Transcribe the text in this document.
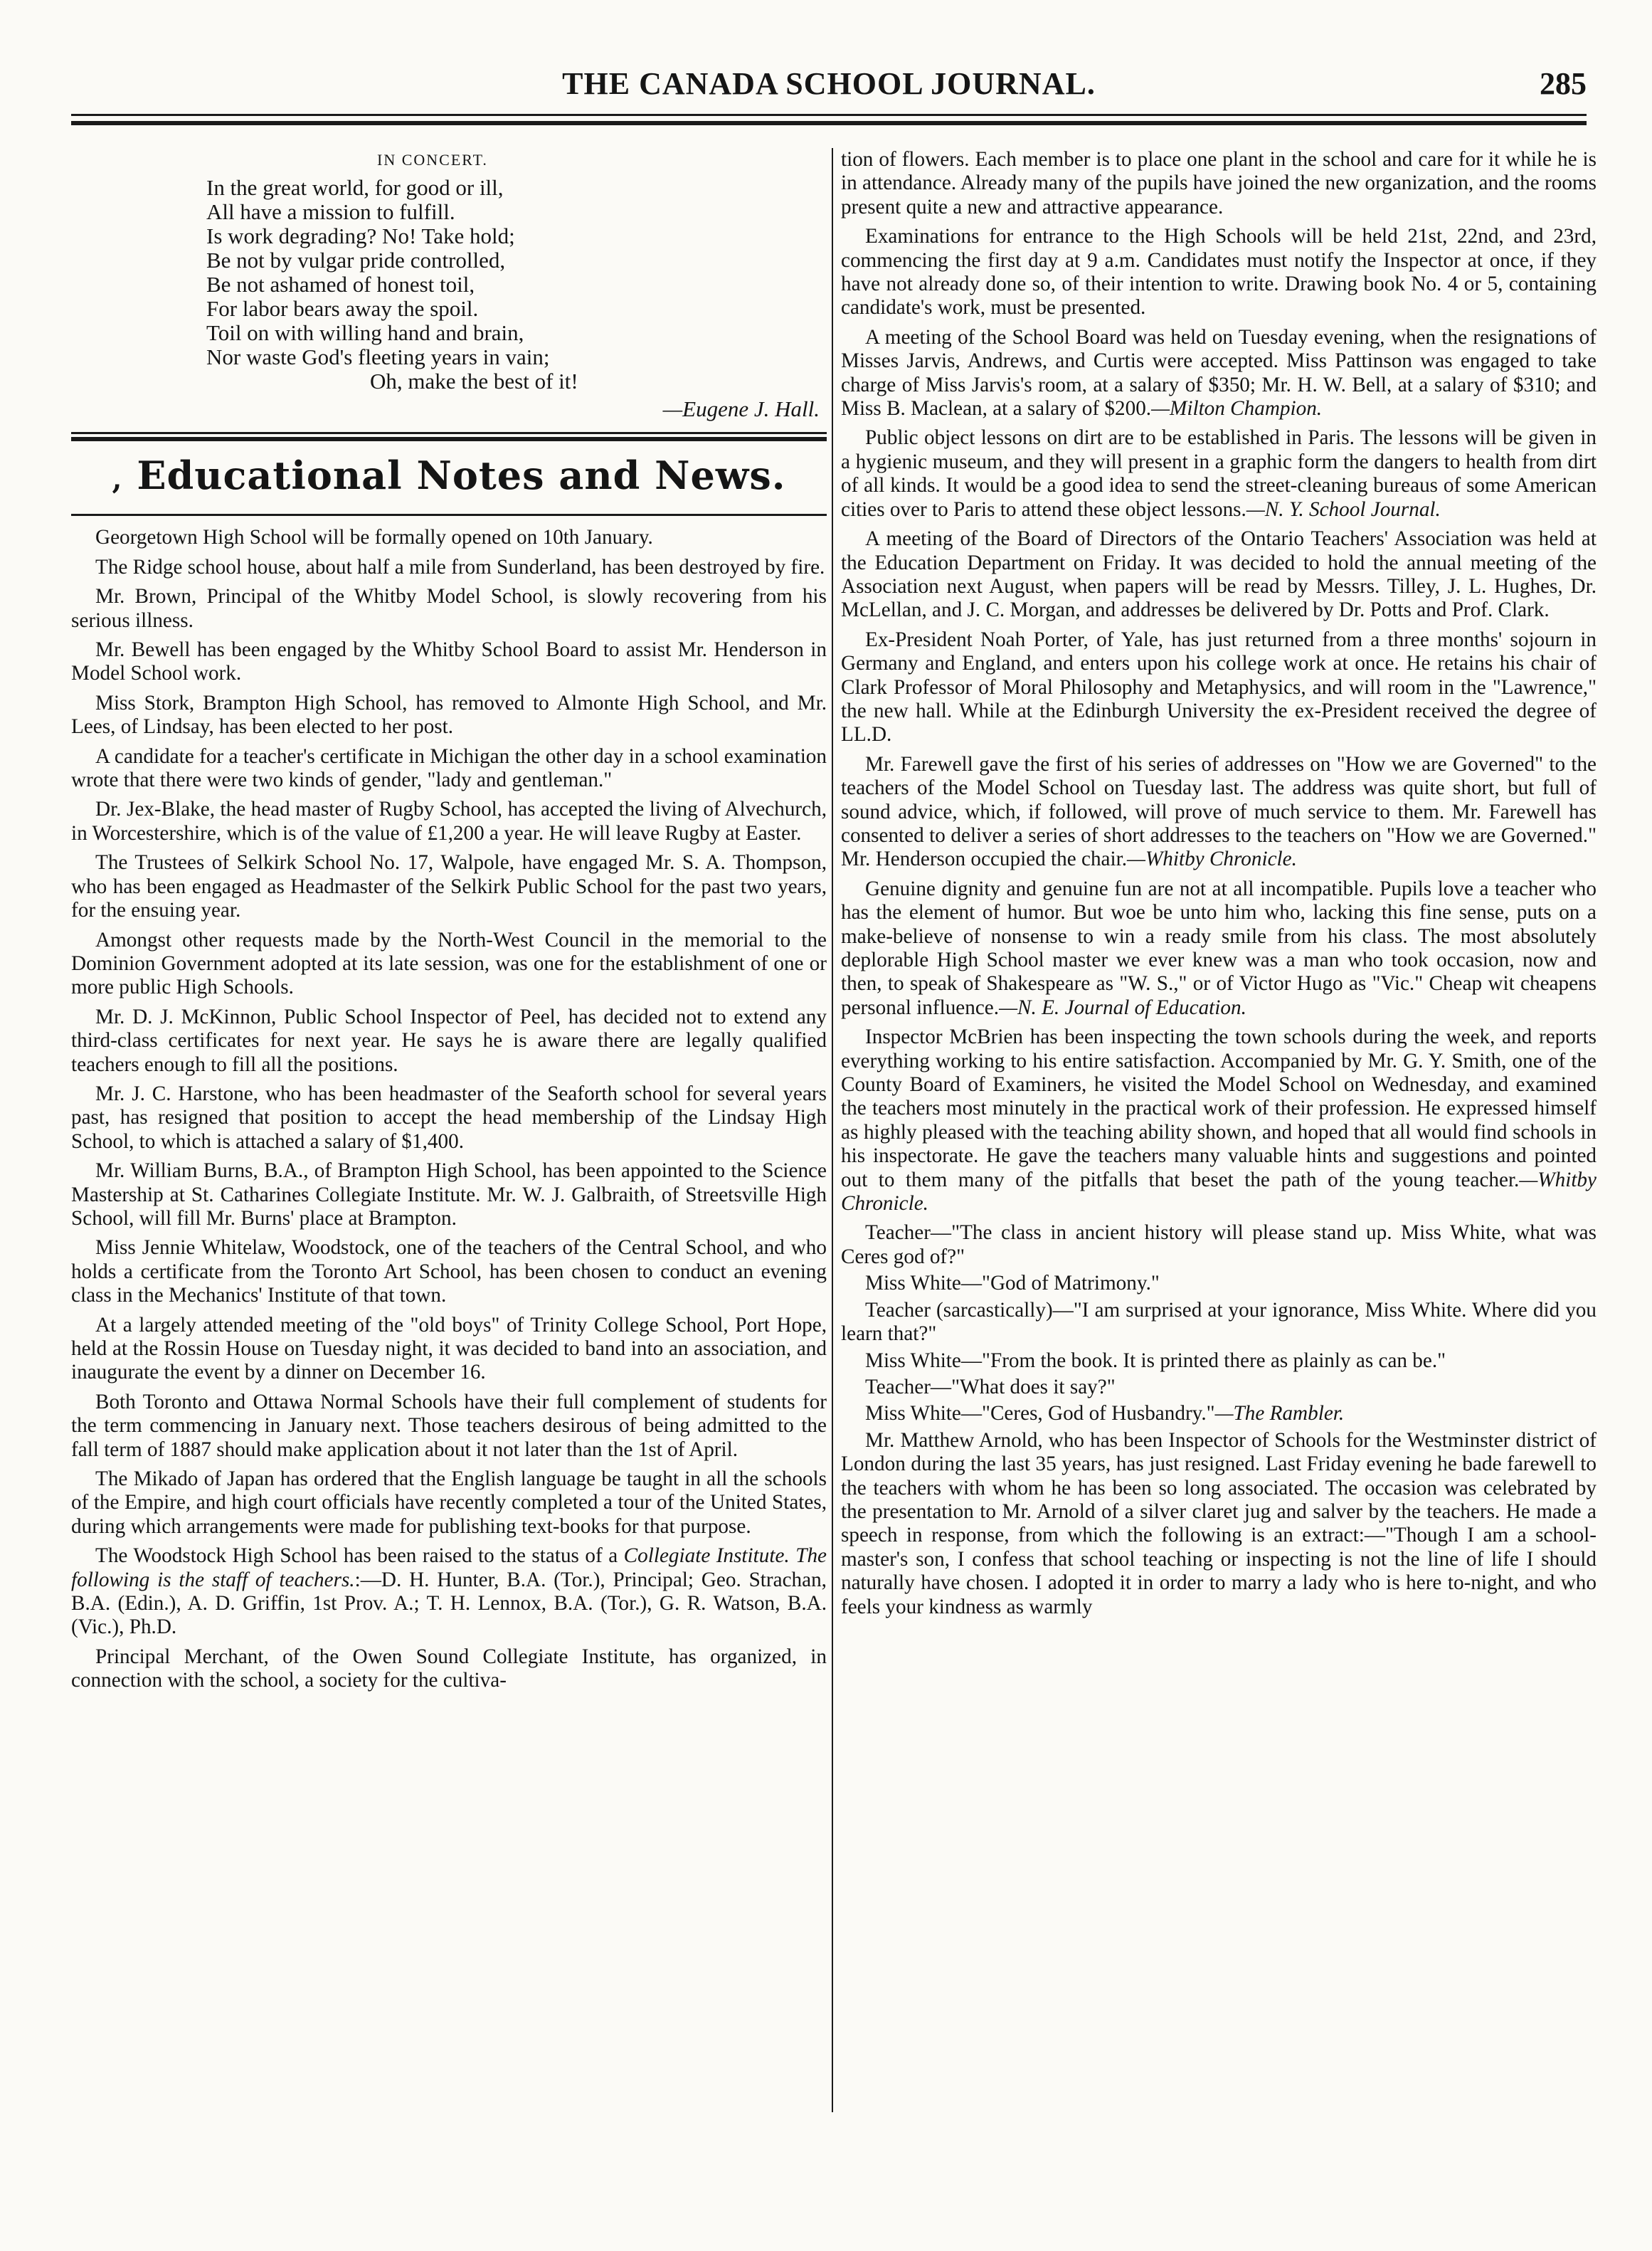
THE CANADA SCHOOL JOURNAL.	285
IN CONCERT.
In the great world, for good or ill,
All have a mission to fulfill.
Is work degrading? No! Take hold;
Be not by vulgar pride controlled,
Be not ashamed of honest toil,
For labor bears away the spoil.
Toil on with willing hand and brain,
Nor waste God's fleeting years in vain;
Oh, make the best of it!
—Eugene J. Hall.
, Educational Notes and News.

Georgetown High School will be formally opened on 10th January.

The Ridge school house, about half a mile from Sunderland, has been destroyed by fire.

Mr. Brown, Principal of the Whitby Model School, is slowly recovering from his serious illness.

Mr. Bewell has been engaged by the Whitby School Board to assist Mr. Henderson in Model School work.

Miss Stork, Brampton High School, has removed to Almonte High School, and Mr. Lees, of Lindsay, has been elected to her post.

A candidate for a teacher's certificate in Michigan the other day in a school examination wrote that there were two kinds of gender, "lady and gentleman."

Dr. Jex-Blake, the head master of Rugby School, has accepted the living of Alvechurch, in Worcestershire, which is of the value of £1,200 a year. He will leave Rugby at Easter.

The Trustees of Selkirk School No. 17, Walpole, have engaged Mr. S. A. Thompson, who has been engaged as Headmaster of the Selkirk Public School for the past two years, for the ensuing year.

Amongst other requests made by the North-West Council in the memorial to the Dominion Government adopted at its late session, was one for the establishment of one or more public High Schools.

Mr. D. J. McKinnon, Public School Inspector of Peel, has decided not to extend any third-class certificates for next year. He says he is aware there are legally qualified teachers enough to fill all the positions.

Mr. J. C. Harstone, who has been headmaster of the Seaforth school for several years past, has resigned that position to accept the head membership of the Lindsay High School, to which is attached a salary of $1,400.

Mr. William Burns, B.A., of Brampton High School, has been appointed to the Science Mastership at St. Catharines Collegiate Institute. Mr. W. J. Galbraith, of Streetsville High School, will fill Mr. Burns' place at Brampton.

Miss Jennie Whitelaw, Woodstock, one of the teachers of the Central School, and who holds a certificate from the Toronto Art School, has been chosen to conduct an evening class in the Mechanics' Institute of that town.

At a largely attended meeting of the "old boys" of Trinity College School, Port Hope, held at the Rossin House on Tuesday night, it was decided to band into an association, and inaugurate the event by a dinner on December 16.

Both Toronto and Ottawa Normal Schools have their full complement of students for the term commencing in January next. Those teachers desirous of being admitted to the fall term of 1887 should make application about it not later than the 1st of April.

The Mikado of Japan has ordered that the English language be taught in all the schools of the Empire, and high court officials have recently completed a tour of the United States, during which arrangements were made for publishing text-books for that purpose.

The Woodstock High School has been raised to the status of a Collegiate Institute. The following is the staff of teachers.:—D. H. Hunter, B.A. (Tor.), Principal; Geo. Strachan, B.A. (Edin.), A. D. Griffin, 1st Prov. A.; T. H. Lennox, B.A. (Tor.), G. R. Watson, B.A. (Vic.), Ph.D.

Principal Merchant, of the Owen Sound Collegiate Institute, has organized, in connection with the school, a society for the cultiva-

tion of flowers. Each member is to place one plant in the school and care for it while he is in attendance. Already many of the pupils have joined the new organization, and the rooms present quite a new and attractive appearance.

Examinations for entrance to the High Schools will be held 21st, 22nd, and 23rd, commencing the first day at 9 a.m. Candidates must notify the Inspector at once, if they have not already done so, of their intention to write. Drawing book No. 4 or 5, containing candidate's work, must be presented.

A meeting of the School Board was held on Tuesday evening, when the resignations of Misses Jarvis, Andrews, and Curtis were accepted. Miss Pattinson was engaged to take charge of Miss Jarvis's room, at a salary of $350; Mr. H. W. Bell, at a salary of $310; and Miss B. Maclean, at a salary of $200.—Milton Champion.

Public object lessons on dirt are to be established in Paris. The lessons will be given in a hygienic museum, and they will present in a graphic form the dangers to health from dirt of all kinds. It would be a good idea to send the street-cleaning bureaus of some American cities over to Paris to attend these object lessons.—N. Y. School Journal.

A meeting of the Board of Directors of the Ontario Teachers' Association was held at the Education Department on Friday. It was decided to hold the annual meeting of the Association next August, when papers will be read by Messrs. Tilley, J. L. Hughes, Dr. McLellan, and J. C. Morgan, and addresses be delivered by Dr. Potts and Prof. Clark.

Ex-President Noah Porter, of Yale, has just returned from a three months' sojourn in Germany and England, and enters upon his college work at once. He retains his chair of Clark Professor of Moral Philosophy and Metaphysics, and will room in the "Lawrence," the new hall. While at the Edinburgh University the ex-President received the degree of LL.D.

Mr. Farewell gave the first of his series of addresses on "How we are Governed" to the teachers of the Model School on Tuesday last. The address was quite short, but full of sound advice, which, if followed, will prove of much service to them. Mr. Farewell has consented to deliver a series of short addresses to the teachers on "How we are Governed." Mr. Henderson occupied the chair.—Whitby Chronicle.

Genuine dignity and genuine fun are not at all incompatible. Pupils love a teacher who has the element of humor. But woe be unto him who, lacking this fine sense, puts on a make-believe of nonsense to win a ready smile from his class. The most absolutely deplorable High School master we ever knew was a man who took occasion, now and then, to speak of Shakespeare as "W. S.," or of Victor Hugo as "Vic." Cheap wit cheapens personal influence.—N. E. Journal of Education.

Inspector McBrien has been inspecting the town schools during the week, and reports everything working to his entire satisfaction. Accompanied by Mr. G. Y. Smith, one of the County Board of Examiners, he visited the Model School on Wednesday, and examined the teachers most minutely in the practical work of their profession. He expressed himself as highly pleased with the teaching ability shown, and hoped that all would find schools in his inspectorate. He gave the teachers many valuable hints and suggestions and pointed out to them many of the pitfalls that beset the path of the young teacher.—Whitby Chronicle.

Teacher—"The class in ancient history will please stand up. Miss White, what was Ceres god of?"

Miss White—"God of Matrimony."

Teacher (sarcastically)—"I am surprised at your ignorance, Miss White. Where did you learn that?"

Miss White—"From the book. It is printed there as plainly as can be."

Teacher—"What does it say?"

Miss White—"Ceres, God of Husbandry."—The Rambler.

Mr. Matthew Arnold, who has been Inspector of Schools for the Westminster district of London during the last 35 years, has just resigned. Last Friday evening he bade farewell to the teachers with whom he has been so long associated. The occasion was celebrated by the presentation to Mr. Arnold of a silver claret jug and salver by the teachers. He made a speech in response, from which the following is an extract:—"Though I am a school-master's son, I confess that school teaching or inspecting is not the line of life I should naturally have chosen. I adopted it in order to marry a lady who is here to-night, and who feels your kindness as warmly
